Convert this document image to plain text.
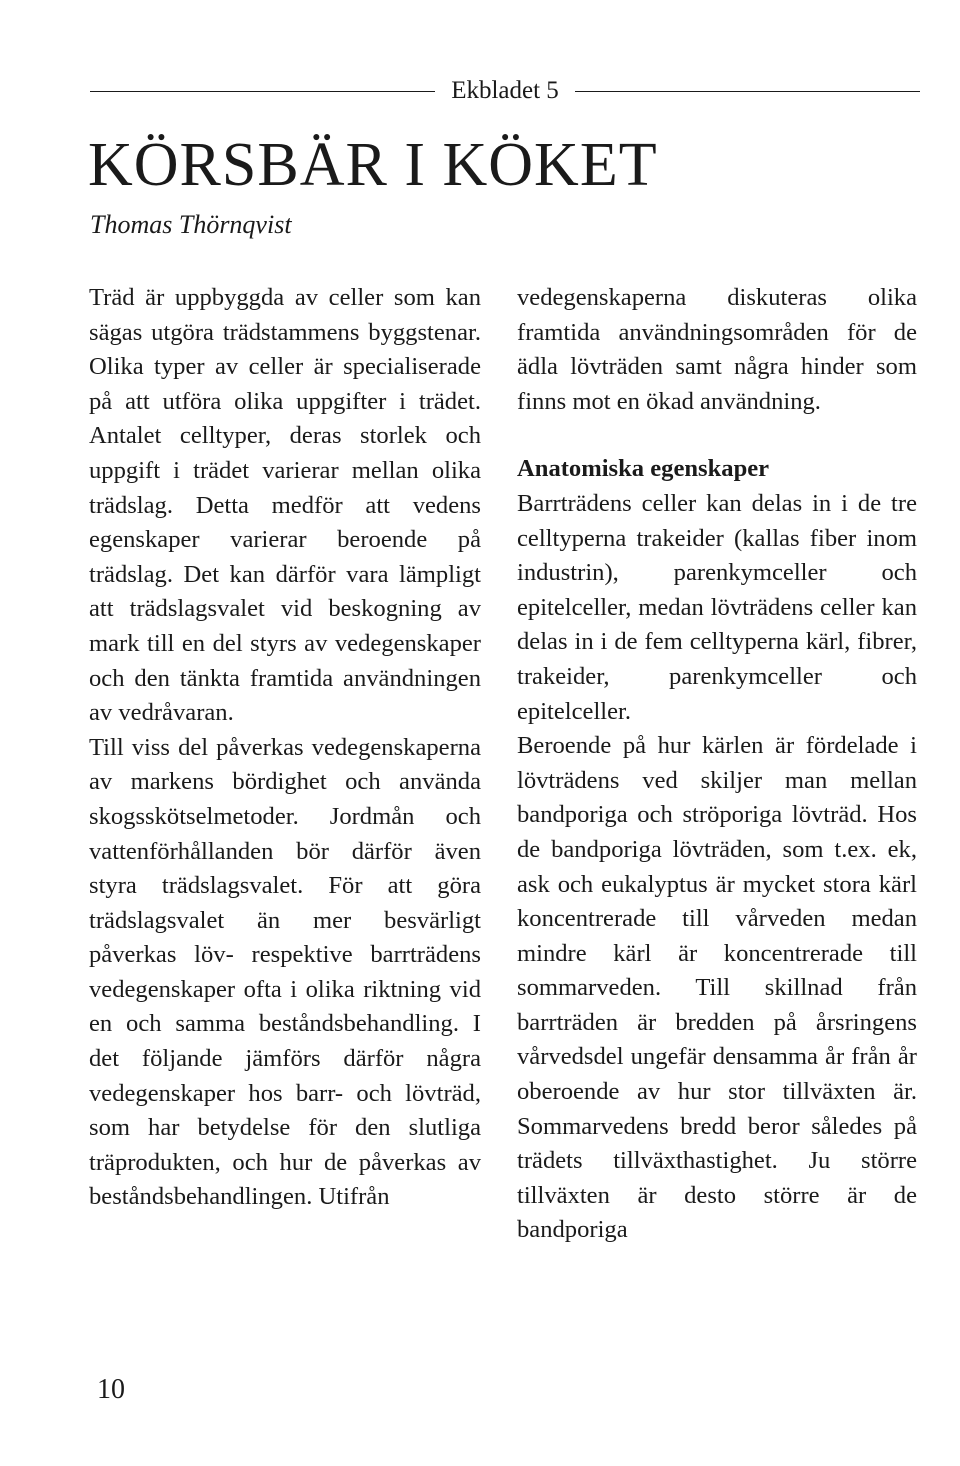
Ekbladet 5
KÖRSBÄR I KÖKET
Thomas Thörnqvist

Träd är uppbyggda av celler som kan sägas utgöra trädstammens byggstenar. Olika typer av celler är specialiserade på att utföra olika uppgifter i trädet. Antalet celltyper, deras storlek och uppgift i trädet varierar mellan olika trädslag. Detta medför att vedens egenskaper varierar beroende på trädslag. Det kan därför vara lämpligt att trädslagsvalet vid beskogning av mark till en del styrs av vedegenskaper och den tänkta framtida användningen av vedråvaran.

Till viss del påverkas vedegenskaperna av markens bördighet och använda skogsskötselmetoder. Jordmån och vattenförhållanden bör därför även styra trädslagsvalet. För att göra trädslagsvalet än mer besvärligt påverkas löv- respektive barrträdens vedegenskaper ofta i olika riktning vid en och samma beståndsbehandling. I det följande jämförs därför några vedegenskaper hos barr- och lövträd, som har betydelse för den slutliga träprodukten, och hur de påverkas av beståndsbehandlingen. Utifrån

vedegenskaperna diskuteras olika framtida användningsområden för de ädla lövträden samt några hinder som finns mot en ökad användning.

Anatomiska egenskaper

Barrträdens celler kan delas in i de tre celltyperna trakeider (kallas fiber inom industrin), parenkymceller och epitelceller, medan lövträdens celler kan delas in i de fem celltyperna kärl, fibrer, trakeider, parenkymceller och epitelceller.

Beroende på hur kärlen är fördelade i lövträdens ved skiljer man mellan bandporiga och ströporiga lövträd. Hos de bandporiga lövträden, som t.ex. ek, ask och eukalyptus är mycket stora kärl koncentrerade till vårveden medan mindre kärl är koncentrerade till sommarveden. Till skillnad från barrträden är bredden på årsringens vårvedsdel ungefär densamma år från år oberoende av hur stor tillväxten är. Sommarvedens bredd beror således på trädets tillväxthastighet. Ju större tillväxten är desto större är de bandporiga

10
